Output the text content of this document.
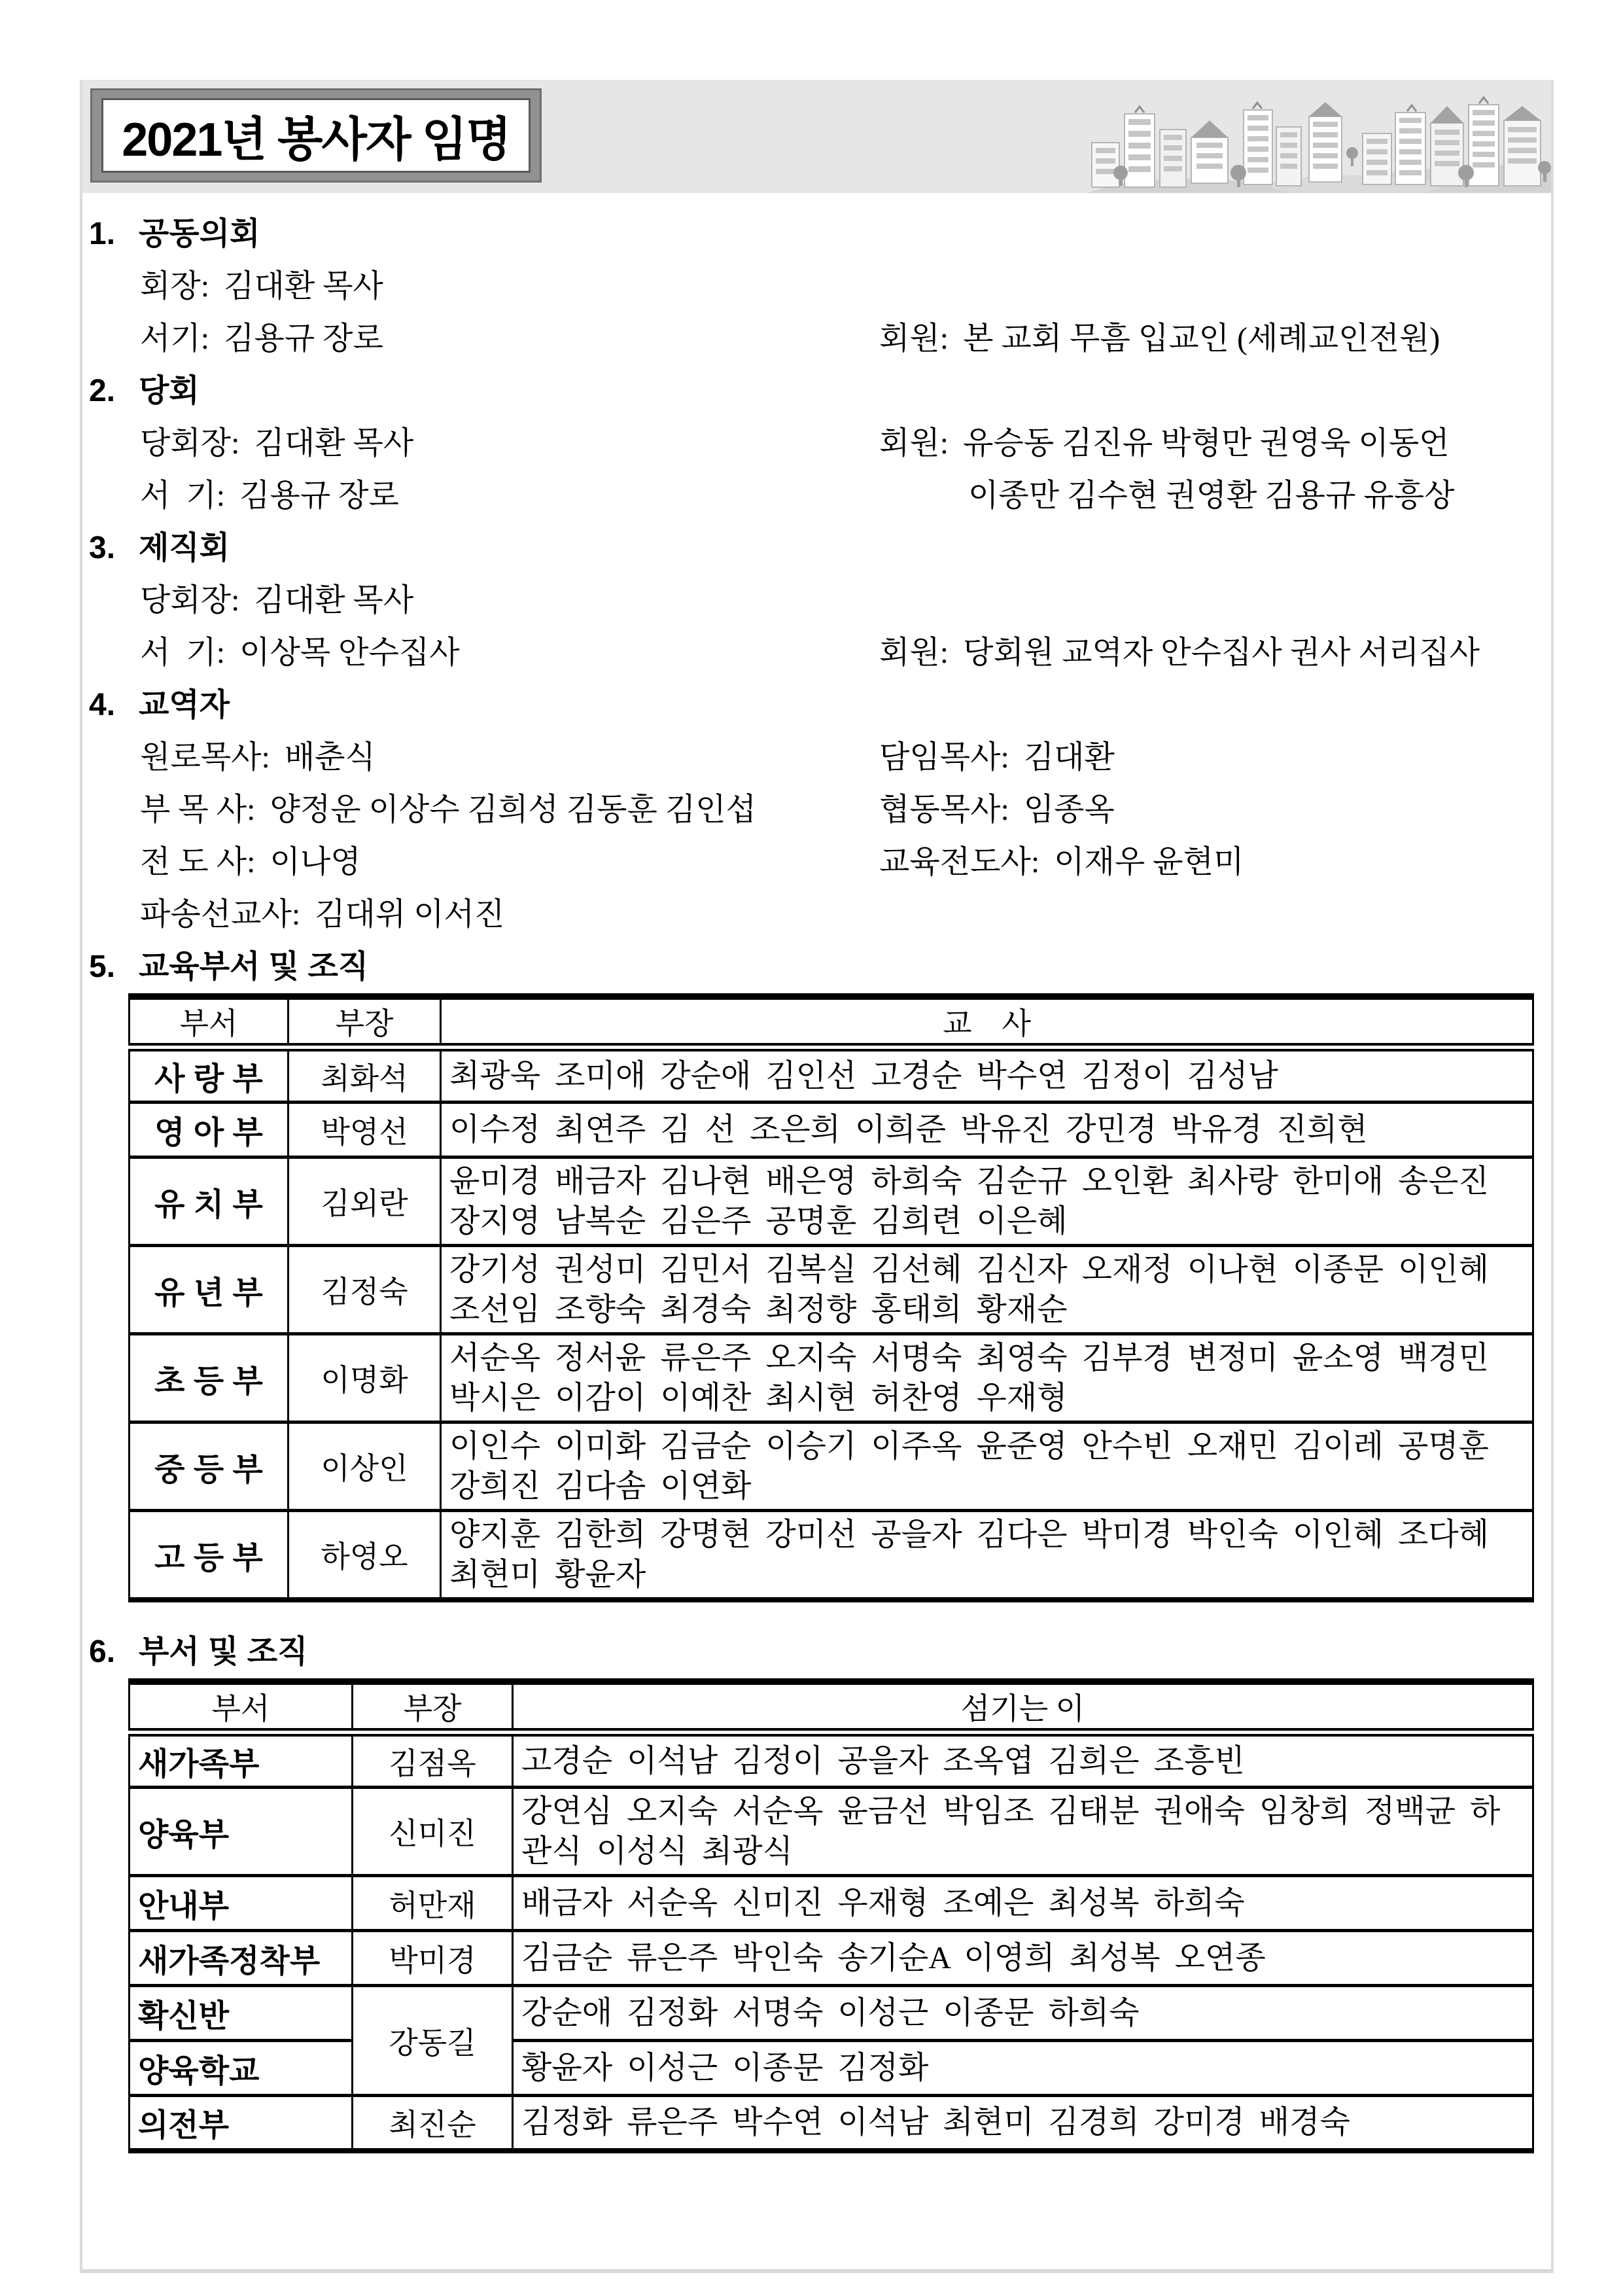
2021년 봉사자 임명
1. 공동의회
회장: 김대환 목사
서기: 김용규 장로	회원: 본 교회 무흠 입교인 (세례교인전원)
2. 당회
당회장: 김대환 목사	회원: 유승동 김진유 박형만 권영욱 이동언
서  기: 김용규 장로	이종만 김수현 권영환 김용규 유흥상
3. 제직회
당회장: 김대환 목사
서  기: 이상목 안수집사	회원: 당회원 교역자 안수집사 권사 서리집사
4. 교역자
원로목사: 배춘식	담임목사: 김대환
부 목 사: 양정운 이상수 김희성 김동훈 김인섭	협동목사: 임종옥
전 도 사: 이나영	교육전도사: 이재우 윤현미
파송선교사: 김대위 이서진
5. 교육부서 및 조직
부서	부장	교    사
사 랑 부	최화석	최광욱 조미애 강순애 김인선 고경순 박수연 김정이 김성남
영 아 부	박영선	이수정 최연주 김 선 조은희 이희준 박유진 강민경 박유경 진희현
유 치 부	김외란	윤미경 배금자 김나현 배은영 하희숙 김순규 오인환 최사랑 한미애 송은진 장지영 남복순 김은주 공명훈 김희련 이은혜
유 년 부	김정숙	강기성 권성미 김민서 김복실 김선혜 김신자 오재정 이나현 이종문 이인혜 조선임 조향숙 최경숙 최정향 홍태희 황재순
초 등 부	이명화	서순옥 정서윤 류은주 오지숙 서명숙 최영숙 김부경 변정미 윤소영 백경민 박시은 이감이 이예찬 최시현 허찬영 우재형
중 등 부	이상인	이인수 이미화 김금순 이승기 이주옥 윤준영 안수빈 오재민 김이레 공명훈 강희진 김다솜 이연화
고 등 부	하영오	양지훈 김한희 강명현 강미선 공을자 김다은 박미경 박인숙 이인혜 조다혜 최현미 황윤자
6. 부서 및 조직
부서	부장	섬기는 이
새가족부	김점옥	고경순 이석남 김정이 공을자 조옥엽 김희은 조흥빈
양육부	신미진	강연심 오지숙 서순옥 윤금선 박임조 김태분 권애숙 임창희 정백균 하관식 이성식 최광식
안내부	허만재	배금자 서순옥 신미진 우재형 조예은 최성복 하희숙
새가족정착부	박미경	김금순 류은주 박인숙 송기순A 이영희 최성복 오연종
확신반	강동길	강순애 김정화 서명숙 이성근 이종문 하희숙
양육학교		황윤자 이성근 이종문 김정화
의전부	최진순	김정화 류은주 박수연 이석남 최현미 김경희 강미경 배경숙
